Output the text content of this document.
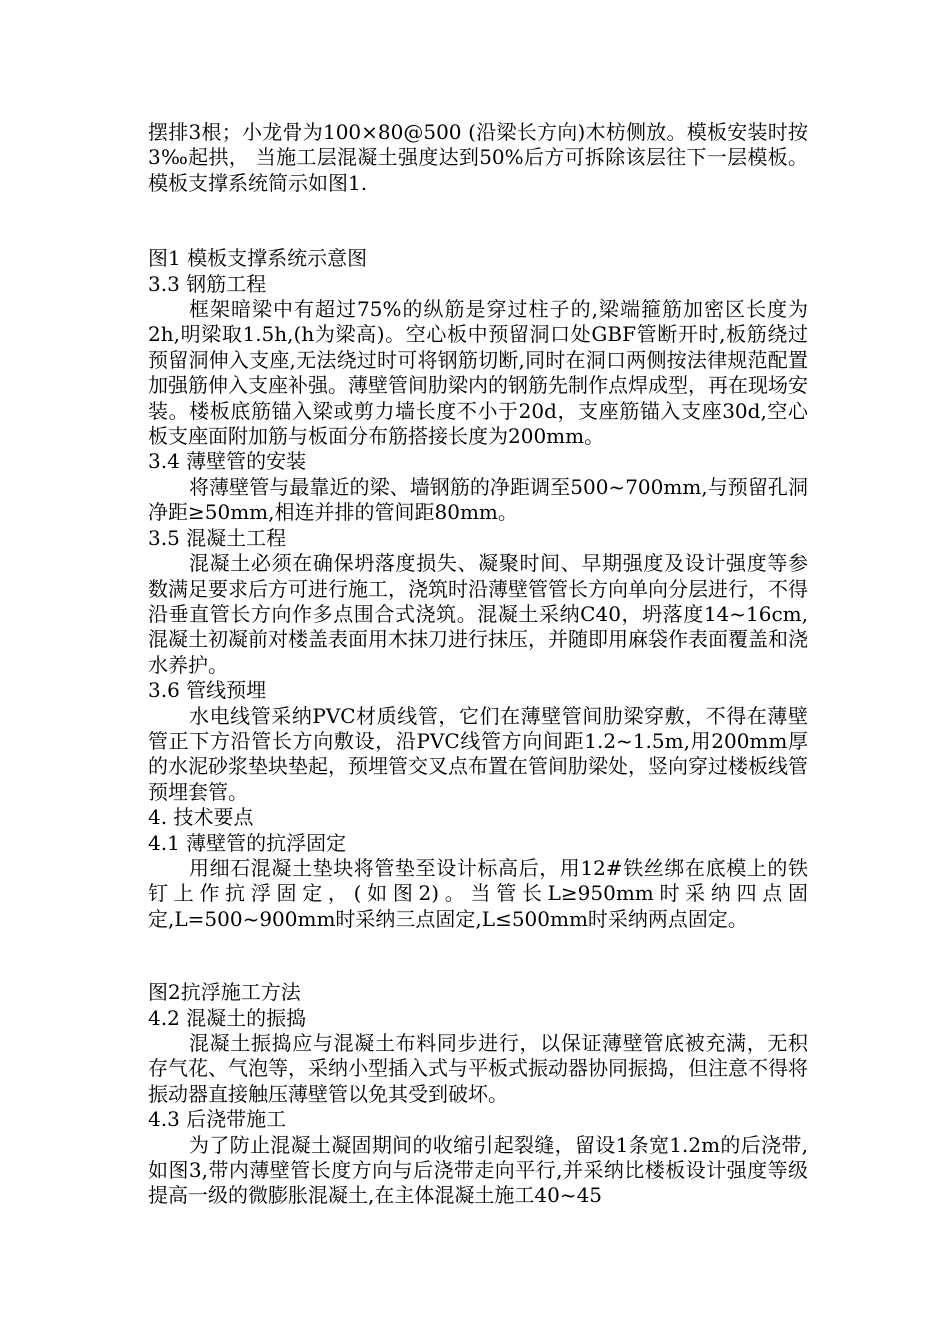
摆排3根；小龙骨为100×80@500 (沿梁长方向)木枋侧放。模板安装时按3‰起拱， 当施工层混凝土强度达到50%后方可拆除该层往下一层模板。模板支撑系统简示如图1.

图1 模板支撑系统示意图

3.3 钢筋工程

框架暗梁中有超过75%的纵筋是穿过柱子的,梁端箍筋加密区长度为2h,明梁取1.5h,(h为梁高)。空心板中预留洞口处GBF管断开时,板筋绕过预留洞伸入支座,无法绕过时可将钢筋切断,同时在洞口两侧按法律规范配置加强筋伸入支座补强。薄壁管间肋梁内的钢筋先制作点焊成型，再在现场安装。楼板底筋锚入梁或剪力墙长度不小于20d，支座筋锚入支座30d,空心板支座面附加筋与板面分布筋搭接长度为200mm。

3.4 薄壁管的安装

将薄壁管与最靠近的梁、墙钢筋的净距调至500~700mm,与预留孔洞净距≥50mm,相连并排的管间距80mm。

3.5 混凝土工程

混凝土必须在确保坍落度损失、凝聚时间、早期强度及设计强度等参数满足要求后方可进行施工，浇筑时沿薄壁管管长方向单向分层进行，不得沿垂直管长方向作多点围合式浇筑。混凝土采纳C40，坍落度14~16cm,混凝土初凝前对楼盖表面用木抹刀进行抹压，并随即用麻袋作表面覆盖和浇水养护。

3.6 管线预埋

水电线管采纳PVC材质线管，它们在薄壁管间肋梁穿敷，不得在薄壁管正下方沿管长方向敷设，沿PVC线管方向间距1.2~1.5m,用200mm厚的水泥砂浆垫块垫起，预埋管交叉点布置在管间肋梁处，竖向穿过楼板线管预埋套管。

4. 技术要点

4.1 薄壁管的抗浮固定

用细石混凝土垫块将管垫至设计标高后，用12#铁丝绑在底模上的铁钉上作抗浮固定，(如图2)。当管长L≥950mm时采纳四点固定,L=500~900mm时采纳三点固定,L≤500mm时采纳两点固定。

图2抗浮施工方法

4.2 混凝土的振捣

混凝土振捣应与混凝土布料同步进行，以保证薄壁管底被充满，无积存气花、气泡等，采纳小型插入式与平板式振动器协同振捣，但注意不得将振动器直接触压薄壁管以免其受到破坏。

4.3 后浇带施工

为了防止混凝土凝固期间的收缩引起裂缝，留设1条宽1.2m的后浇带,如图3,带内薄壁管长度方向与后浇带走向平行,并采纳比楼板设计强度等级提高一级的微膨胀混凝土,在主体混凝土施工40~45
